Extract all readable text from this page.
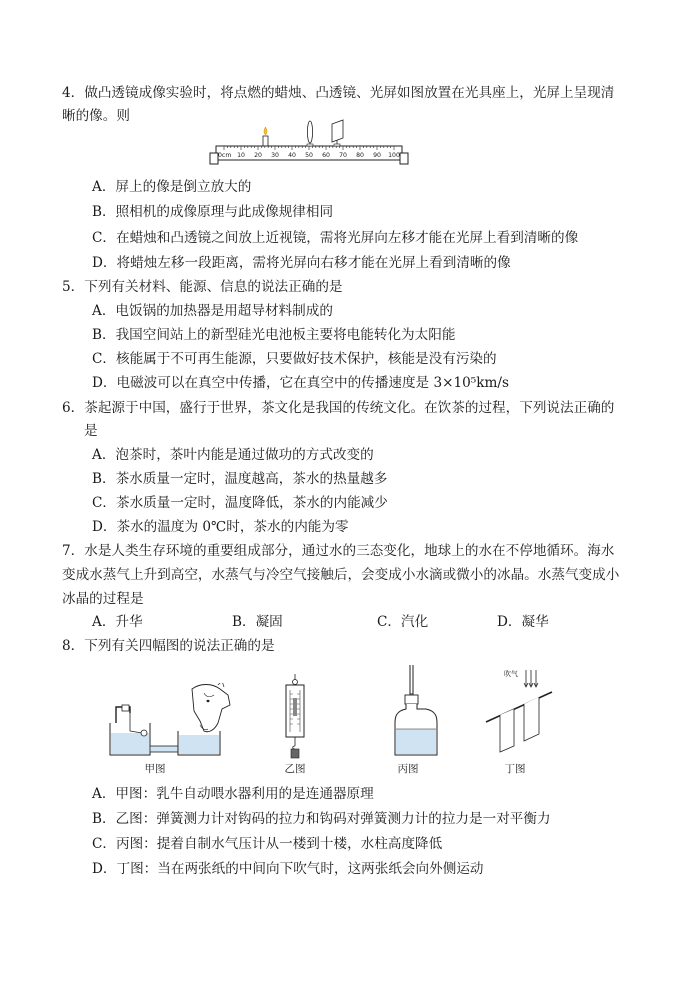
4．做凸透镜成像实验时，将点燃的蜡烛、凸透镜、光屏如图放置在光具座上，光屏上呈现清
晰的像。则
0cm 10 20 30 40 50 60 70 80 90 100
A．屏上的像是倒立放大的
B．照相机的成像原理与此成像规律相同
C．在蜡烛和凸透镜之间放上近视镜，需将光屏向左移才能在光屏上看到清晰的像
D．将蜡烛左移一段距离，需将光屏向右移才能在光屏上看到清晰的像
5．下列有关材料、能源、信息的说法正确的是
A．电饭锅的加热器是用超导材料制成的
B．我国空间站上的新型硅光电池板主要将电能转化为太阳能
C．核能属于不可再生能源，只要做好技术保护，核能是没有污染的
D．电磁波可以在真空中传播，它在真空中的传播速度是 3×10⁵km/s
6．茶起源于中国，盛行于世界，茶文化是我国的传统文化。在饮茶的过程，下列说法正确的
是
A．泡茶时，茶叶内能是通过做功的方式改变的
B．茶水质量一定时，温度越高，茶水的热量越多
C．茶水质量一定时，温度降低，茶水的内能减少
D．茶水的温度为 0℃时，茶水的内能为零
7．水是人类生存环境的重要组成部分，通过水的三态变化，地球上的水在不停地循环。海水
变成水蒸气上升到高空，水蒸气与冷空气接触后，会变成小水滴或微小的冰晶。水蒸气变成小
冰晶的过程是
A．升华	B．凝固	C．汽化	D．凝华
8．下列有关四幅图的说法正确的是
甲图	乙图	丙图
吹气
丁图
A．甲图：乳牛自动喂水器利用的是连通器原理
B．乙图：弹簧测力计对钩码的拉力和钩码对弹簧测力计的拉力是一对平衡力
C．丙图：提着自制水气压计从一楼到十楼，水柱高度降低
D．丁图：当在两张纸的中间向下吹气时，这两张纸会向外侧运动
